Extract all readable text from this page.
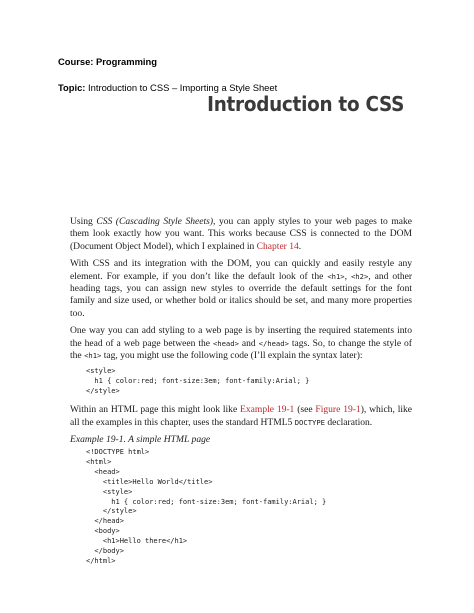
Course: Programming
Topic: Introduction to CSS – Importing a Style Sheet
Introduction to CSS

Using CSS (Cascading Style Sheets), you can apply styles to your web pages to make them look exactly how you want. This works because CSS is connected to the DOM (Document Object Model), which I explained in Chapter 14.

With CSS and its integration with the DOM, you can quickly and easily restyle any element. For example, if you don’t like the default look of the <h1>, <h2>, and other heading tags, you can assign new styles to override the default settings for the font family and size used, or whether bold or italics should be set, and many more properties too.

One way you can add styling to a web page is by inserting the required statements into the head of a web page between the <head> and </head> tags. So, to change the style of the <h1> tag, you might use the following code (I’ll explain the syntax later):

<style>
h1 { color:red; font-size:3em; font-family:Arial; }
</style>

Within an HTML page this might look like Example 19-1 (see Figure 19-1), which, like all the examples in this chapter, uses the standard HTML5 DOCTYPE declaration.

Example 19-1. A simple HTML page
<!DOCTYPE html>
<html>
<head>
<title>Hello World</title>
<style>
h1 { color:red; font-size:3em; font-family:Arial; }
</style>
</head>
<body>
<h1>Hello there</h1>
</body>
</html>
